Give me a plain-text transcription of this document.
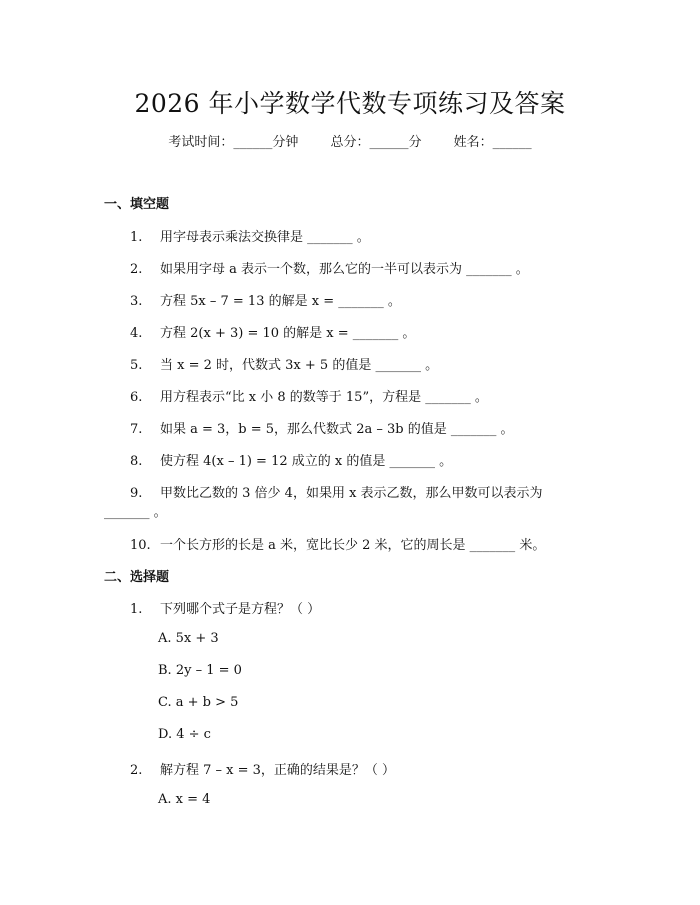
2026 年小学数学代数专项练习及答案
考试时间：______分钟 总分：______分 姓名：______
一、填空题
1. 用字母表示乘法交换律是 _______ 。
2. 如果用字母 a 表示一个数，那么它的一半可以表示为 _______ 。
3. 方程 5x – 7 = 13 的解是 x = _______ 。
4. 方程 2(x + 3) = 10 的解是 x = _______ 。
5. 当 x = 2 时，代数式 3x + 5 的值是 _______ 。
6. 用方程表示“比 x 小 8 的数等于 15”，方程是 _______ 。
7. 如果 a = 3，b = 5，那么代数式 2a – 3b 的值是 _______ 。
8. 使方程 4(x – 1) = 12 成立的 x 的值是 _______ 。
9. 甲数比乙数的 3 倍少 4，如果用 x 表示乙数，那么甲数可以表示为
_______ 。
10. 一个长方形的长是 a 米，宽比长少 2 米，它的周长是 _______ 米。
二、选择题
1. 下列哪个式子是方程？（ ）
A. 5x + 3
B. 2y – 1 = 0
C. a + b > 5
D. 4 ÷ c
2. 解方程 7 – x = 3，正确的结果是？（ ）
A. x = 4
